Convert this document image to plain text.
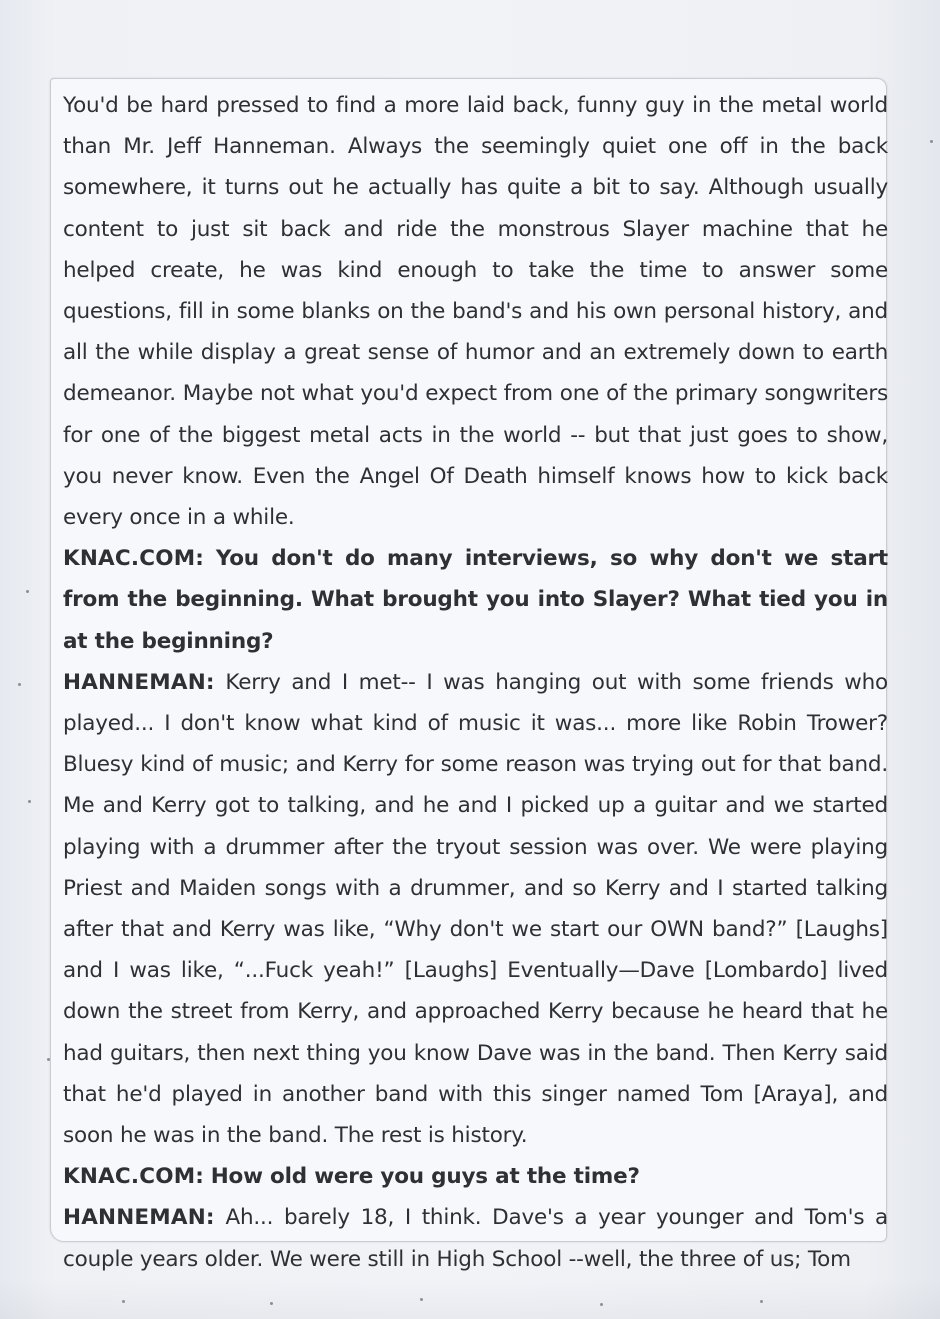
You'd be hard pressed to find a more laid back, funny guy in the metal world than Mr. Jeff Hanneman. Always the seemingly quiet one off in the back somewhere, it turns out he actually has quite a bit to say. Although usually content to just sit back and ride the monstrous Slayer machine that he helped create, he was kind enough to take the time to answer some questions, fill in some blanks on the band's and his own personal history, and all the while display a great sense of humor and an extremely down to earth demeanor. Maybe not what you'd expect from one of the primary songwriters for one of the biggest metal acts in the world -- but that just goes to show, you never know. Even the Angel Of Death himself knows how to kick back every once in a while.

KNAC.COM: You don't do many interviews, so why don't we start from the beginning. What brought you into Slayer? What tied you in at the beginning?

HANNEMAN: Kerry and I met-- I was hanging out with some friends who played... I don't know what kind of music it was... more like Robin Trower? Bluesy kind of music; and Kerry for some reason was trying out for that band. Me and Kerry got to talking, and he and I picked up a guitar and we started playing with a drummer after the tryout session was over. We were playing Priest and Maiden songs with a drummer, and so Kerry and I started talking after that and Kerry was like, “Why don't we start our OWN band?” [Laughs] and I was like, “...Fuck yeah!” [Laughs] Eventually—Dave [Lombardo] lived down the street from Kerry, and approached Kerry because he heard that he had guitars, then next thing you know Dave was in the band. Then Kerry said that he'd played in another band with this singer named Tom [Araya], and soon he was in the band. The rest is history.

KNAC.COM: How old were you guys at the time?

HANNEMAN: Ah... barely 18, I think. Dave's a year younger and Tom's a couple years older. We were still in High School --well, the three of us; Tom
